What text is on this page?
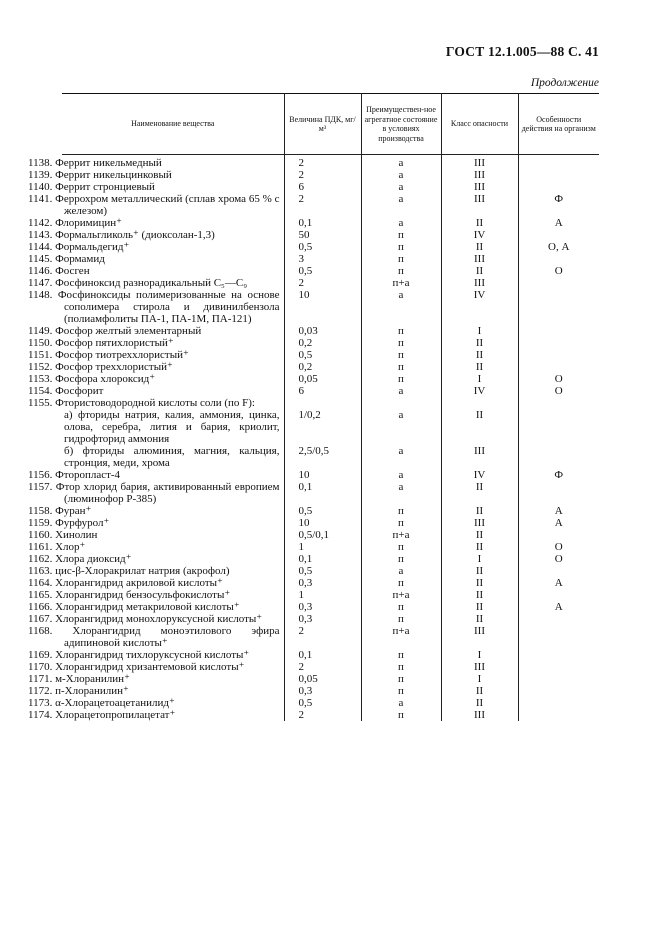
ГОСТ 12.1.005—88 С. 41
Продолжение
Наименование вещества	Величина ПДК, мг/м³	Преимуществен-ное агрегатное состояние в условиях производства	Класс опасности	Особенности действия на организм
1138. Феррит никельмедный	2	а	III	
1139. Феррит никельцинковый	2	а	III	
1140. Феррит стронциевый	6	а	III	
1141. Феррохром металлический (сплав хрома 65 % с железом)	2	а	III	Ф
1142. Флоримицин⁺	0,1	а	II	А
1143. Формальгликоль⁺ (диоксолан-1,3)	50	п	IV	
1144. Формальдегид⁺	0,5	п	II	О, А
1145. Формамид	3	п	III	
1146. Фосген	0,5	п	II	О
1147. Фосфиноксид разнорадикальный C₅—C₉	2	п+а	III	
1148. Фосфиноксиды полимеризованные на основе сополимера стирола и дивинилбензола (полиамфолиты ПА-1, ПА-1М, ПА-121)	10	а	IV	
1149. Фосфор желтый элементарный	0,03	п	I	
1150. Фосфор пятихлористый⁺	0,2	п	II	
1151. Фосфор тиотреххлористый⁺	0,5	п	II	
1152. Фосфор треххлористый⁺	0,2	п	II	
1153. Фосфора хлороксид⁺	0,05	п	I	О
1154. Фосфорит	6	а	IV	О
1155. Фтористоводородной кислоты соли (по F):				
а) фториды натрия, калия, аммония, цинка, олова, серебра, лития и бария, криолит, гидрофторид аммония	1/0,2	а	II	
б) фториды алюминия, магния, кальция, стронция, меди, хрома	2,5/0,5	а	III	
1156. Фторопласт-4	10	а	IV	Ф
1157. Фтор хлорид бария, активированный европием (люминофор Р-385)	0,1	а	II	
1158. Фуран⁺	0,5	п	II	А
1159. Фурфурол⁺	10	п	III	А
1160. Хинолин	0,5/0,1	п+а	II	
1161. Хлор⁺	1	п	II	О
1162. Хлора диоксид⁺	0,1	п	I	О
1163. цис-β-Хлоракрилат натрия (акрофол)	0,5	а	II	
1164. Хлорангидрид акриловой кислоты⁺	0,3	п	II	А
1165. Хлорангидрид бензосульфокислоты⁺	1	п+а	II	
1166. Хлорангидрид метакриловой кислоты⁺	0,3	п	II	А
1167. Хлорангидрид монохлоруксусной кислоты⁺	0,3	п	II	
1168. Хлорангидрид моноэтилового эфира адипиновой кислоты⁺	2	п+а	III	
1169. Хлорангидрид тихлоруксусной кислоты⁺	0,1	п	I	
1170. Хлорангидрид хризантемовой кислоты⁺	2	п	III	
1171. м-Хлоранилин⁺	0,05	п	I	
1172. п-Хлоранилин⁺	0,3	п	II	
1173. α-Хлорацетоацетанилид⁺	0,5	а	II	
1174. Хлорацетопропилацетат⁺	2	п	III	
